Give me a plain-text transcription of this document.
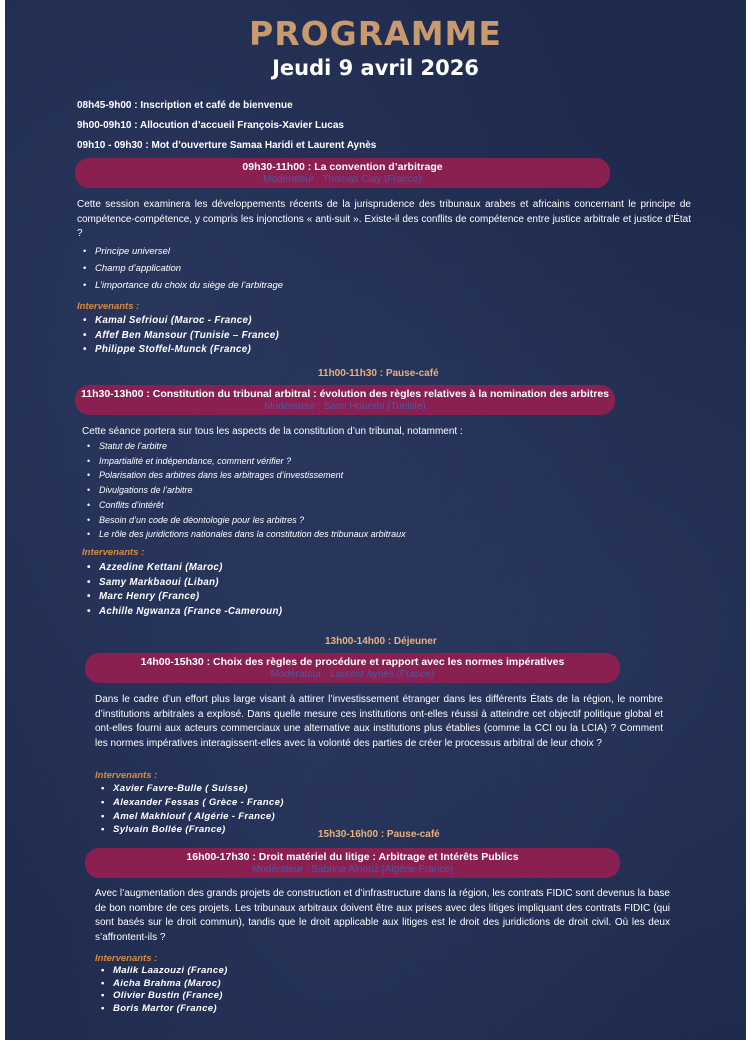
PROGRAMME
Jeudi 9 avril 2026
08h45-9h00 : Inscription et café de bienvenue
9h00-09h10 : Allocution d’accueil François-Xavier Lucas
09h10 - 09h30 : Mot d’ouverture Samaa Haridi et Laurent Aynès
09h30-11h00 : La convention d’arbitrage
Modérateur : Thomas Clay (France)
Cette session examinera les développements récents de la jurisprudence des tribunaux arabes et africains concernant le principe de compétence-compétence, y compris les injonctions « anti-suit ». Existe-il des conflits de compétence entre justice arbitrale et justice d’État ?
• Principe universel
• Champ d’application
• L’importance du choix du siège de l’arbitrage
Intervenants :
• Kamal Sefrioui (Maroc - France)
• Affef Ben Mansour (Tunisie – France)
• Philippe Stoffel-Munck (France)
11h00-11h30 : Pause-café
11h30-13h00 : Constitution du tribunal arbitral : évolution des règles relatives à la nomination des arbitres
Modérateur : Sami Houerbi (Tunisie)
Cette séance portera sur tous les aspects de la constitution d’un tribunal, notamment :
• Statut de l’arbitre
• Impartialité et indépendance, comment vérifier ?
• Polarisation des arbitres dans les arbitrages d’investissement
• Divulgations de l’arbitre
• Conflits d’intérêt
• Besoin d’un code de déontologie pour les arbitres ?
• Le rôle des juridictions nationales dans la constitution des tribunaux arbitraux
Intervenants :
• Azzedine Kettani (Maroc)
• Samy Markbaoui (Liban)
• Marc Henry (France)
• Achille Ngwanza (France -Cameroun)
13h00-14h00 : Déjeuner
14h00-15h30 : Choix des règles de procédure et rapport avec les normes impératives
Modérateur : Laurent Aynès (France)
Dans le cadre d’un effort plus large visant à attirer l’investissement étranger dans les différents États de la région, le nombre d’institutions arbitrales a explosé. Dans quelle mesure ces institutions ont-elles réussi à atteindre cet objectif politique global et ont-elles fourni aux acteurs commerciaux une alternative aux institutions plus établies (comme la CCI ou la LCIA) ? Comment les normes impératives interagissent-elles avec la volonté des parties de créer le processus arbitral de leur choix ?
Intervenants :
• Xavier Favre-Bulle ( Suisse)
• Alexander Fessas ( Grèce - France)
• Amel Makhlouf ( Algérie - France)
• Sylvain Bollée (France)	15h30-16h00 : Pause-café
16h00-17h30 : Droit matériel du litige : Arbitrage et Intérêts Publics
Modérateur : Sabrina Alnouz (Algérie France)
Avec l’augmentation des grands projets de construction et d’infrastructure dans la région, les contrats FIDIC sont devenus la base de bon nombre de ces projets. Les tribunaux arbitraux doivent être aux prises avec des litiges impliquant des contrats FIDIC (qui sont basés sur le droit commun), tandis que le droit applicable aux litiges est le droit des juridictions de droit civil. Où les deux s’affrontent-ils ?
Intervenants :
• Malik Laazouzi (France)
• Aicha Brahma (Maroc)
• Olivier Bustin (France)
• Boris Martor (France)
